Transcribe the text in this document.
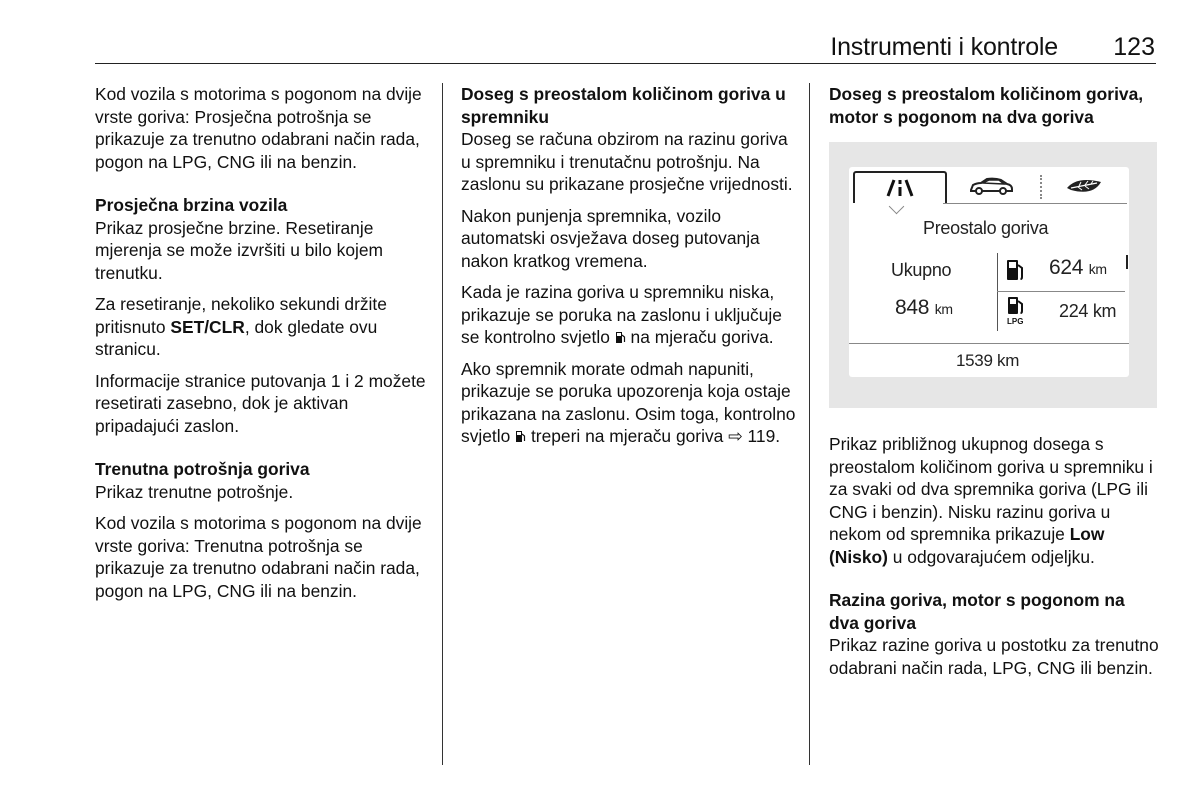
Instrumenti i kontrole 123

Kod vozila s motorima s pogonom na dvije vrste goriva: Prosječna potrošnja se prikazuje za trenutno odabrani način rada, pogon na LPG, CNG ili na benzin.

Prosječna brzina vozila

Prikaz prosječne brzine. Resetiranje mjerenja se može izvršiti u bilo kojem trenutku.

Za resetiranje, nekoliko sekundi držite pritisnuto SET/CLR, dok gledate ovu stranicu.

Informacije stranice putovanja 1 i 2 možete resetirati zasebno, dok je aktivan pripadajući zaslon.

Trenutna potrošnja goriva

Prikaz trenutne potrošnje.

Kod vozila s motorima s pogonom na dvije vrste goriva: Trenutna potrošnja se prikazuje za trenutno odabrani način rada, pogon na LPG, CNG ili na benzin.

Doseg s preostalom količinom goriva u spremniku

Doseg se računa obzirom na razinu goriva u spremniku i trenutačnu potrošnju. Na zaslonu su prikazane prosječne vrijednosti.

Nakon punjenja spremnika, vozilo automatski osvježava doseg putovanja nakon kratkog vremena.

Kada je razina goriva u spremniku niska, prikazuje se poruka na zaslonu i uključuje se kontrolno svjetlo  na mjeraču goriva.

Ako spremnik morate odmah napuniti, prikazuje se poruka upozorenja koja ostaje prikazana na zaslonu. Osim toga, kontrolno svjetlo  treperi na mjeraču goriva ⇨ 119.

Doseg s preostalom količinom goriva, motor s pogonom na dva goriva

Preostalo goriva
Ukupno
848 km
624 km
LPG
224 km
1539 km

Prikaz približnog ukupnog dosega s preostalom količinom goriva u spremniku i za svaki od dva spremnika goriva (LPG ili CNG i benzin). Nisku razinu goriva u nekom od spremnika prikazuje Low (Nisko) u odgovarajućem odjeljku.

Razina goriva, motor s pogonom na dva goriva

Prikaz razine goriva u postotku za trenutno odabrani način rada, LPG, CNG ili benzin.
